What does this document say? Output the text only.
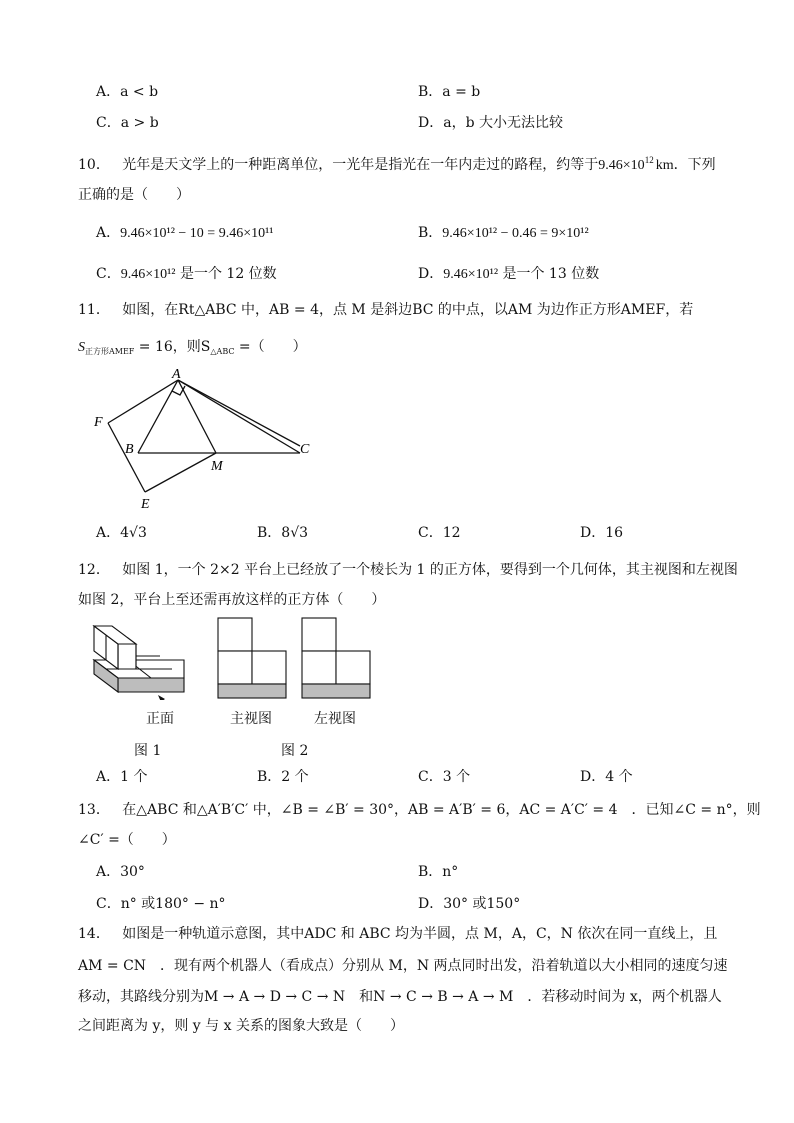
A．a < b	B．a = b
C．a > b	D．a，b 大小无法比较
10． 光年是天文学上的一种距离单位，一光年是指光在一年内走过的路程，约等于$9.46\times 10^{12}$ km．下列
正确的是（　　）
A．9.46×10¹² − 10 = 9.46×10¹¹	B．9.46×10¹² − 0.46 = 9×10¹²
C．9.46×10¹² 是一个 12 位数	D．9.46×10¹² 是一个 13 位数
11． 如图，在Rt△ABC 中，AB = 4，点 M 是斜边BC 的中点，以AM 为边作正方形AMEF，若
$S_{正方形AMEF} = 16$，则$S_{\triangle ABC}$ =（　　）
A
F
B
M
C
E
A．4√3	B．8√3	C．12	D．16
12． 如图 1，一个 2×2 平台上已经放了一个棱长为 1 的正方体，要得到一个几何体，其主视图和左视图
如图 2，平台上至还需再放这样的正方体（　　）
正面	主视图	左视图
图 1	图 2
A．1 个	B．2 个	C．3 个	D．4 个
13． 在△ABC 和△A′B′C′ 中，∠B = ∠B′ = 30°，AB = A′B′ = 6，AC = A′C′ = 4　．已知∠C = n°，则
∠C′ =（　　）
A．30°	B．n°
C．n° 或180° − n°	D．30° 或150°
14． 如图是一种轨道示意图，其中ADC 和 ABC 均为半圆，点 M，A，C，N 依次在同一直线上，且
AM = CN　．现有两个机器人（看成点）分别从 M，N 两点同时出发，沿着轨道以大小相同的速度匀速
移动，其路线分别为M → A → D → C → N　和N → C → B → A → M　．若移动时间为 x，两个机器人
之间距离为 y，则 y 与 x 关系的图象大致是（　　）
